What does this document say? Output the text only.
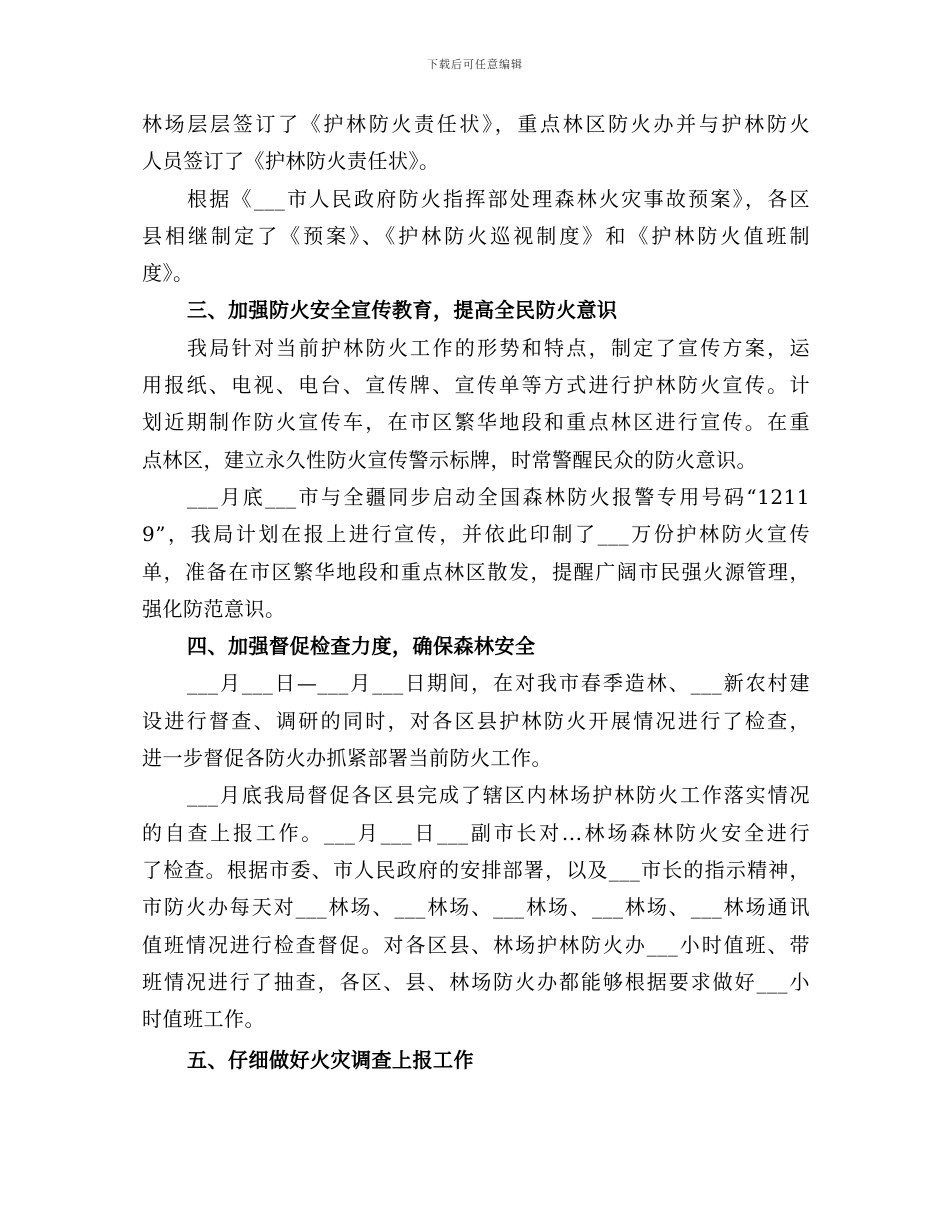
下载后可任意编辑
林场层层签订了《护林防火责任状》，重点林区防火办并与护林防火
人员签订了《护林防火责任状》。
根据《___市人民政府防火指挥部处理森林火灾事故预案》，各区
县相继制定了《预案》、《护林防火巡视制度》和《护林防火值班制
度》。
三、加强防火安全宣传教育，提高全民防火意识
我局针对当前护林防火工作的形势和特点，制定了宣传方案，运
用报纸、电视、电台、宣传牌、宣传单等方式进行护林防火宣传。计
划近期制作防火宣传车，在市区繁华地段和重点林区进行宣传。在重
点林区，建立永久性防火宣传警示标牌，时常警醒民众的防火意识。
___月底___市与全疆同步启动全国森林防火报警专用号码“1211
9”，我局计划在报上进行宣传，并依此印制了___万份护林防火宣传
单，准备在市区繁华地段和重点林区散发，提醒广阔市民强火源管理，
强化防范意识。
四、加强督促检查力度，确保森林安全
___月___日—___月___日期间，在对我市春季造林、___新农村建
设进行督查、调研的同时，对各区县护林防火开展情况进行了检查，
进一步督促各防火办抓紧部署当前防火工作。
___月底我局督促各区县完成了辖区内林场护林防火工作落实情况
的自查上报工作。___月___日___副市长对...林场森林防火安全进行
了检查。根据市委、市人民政府的安排部署，以及___市长的指示精神，
市防火办每天对___林场、___林场、___林场、___林场、___林场通讯
值班情况进行检查督促。对各区县、林场护林防火办___小时值班、带
班情况进行了抽查，各区、县、林场防火办都能够根据要求做好___小
时值班工作。
五、仔细做好火灾调查上报工作
